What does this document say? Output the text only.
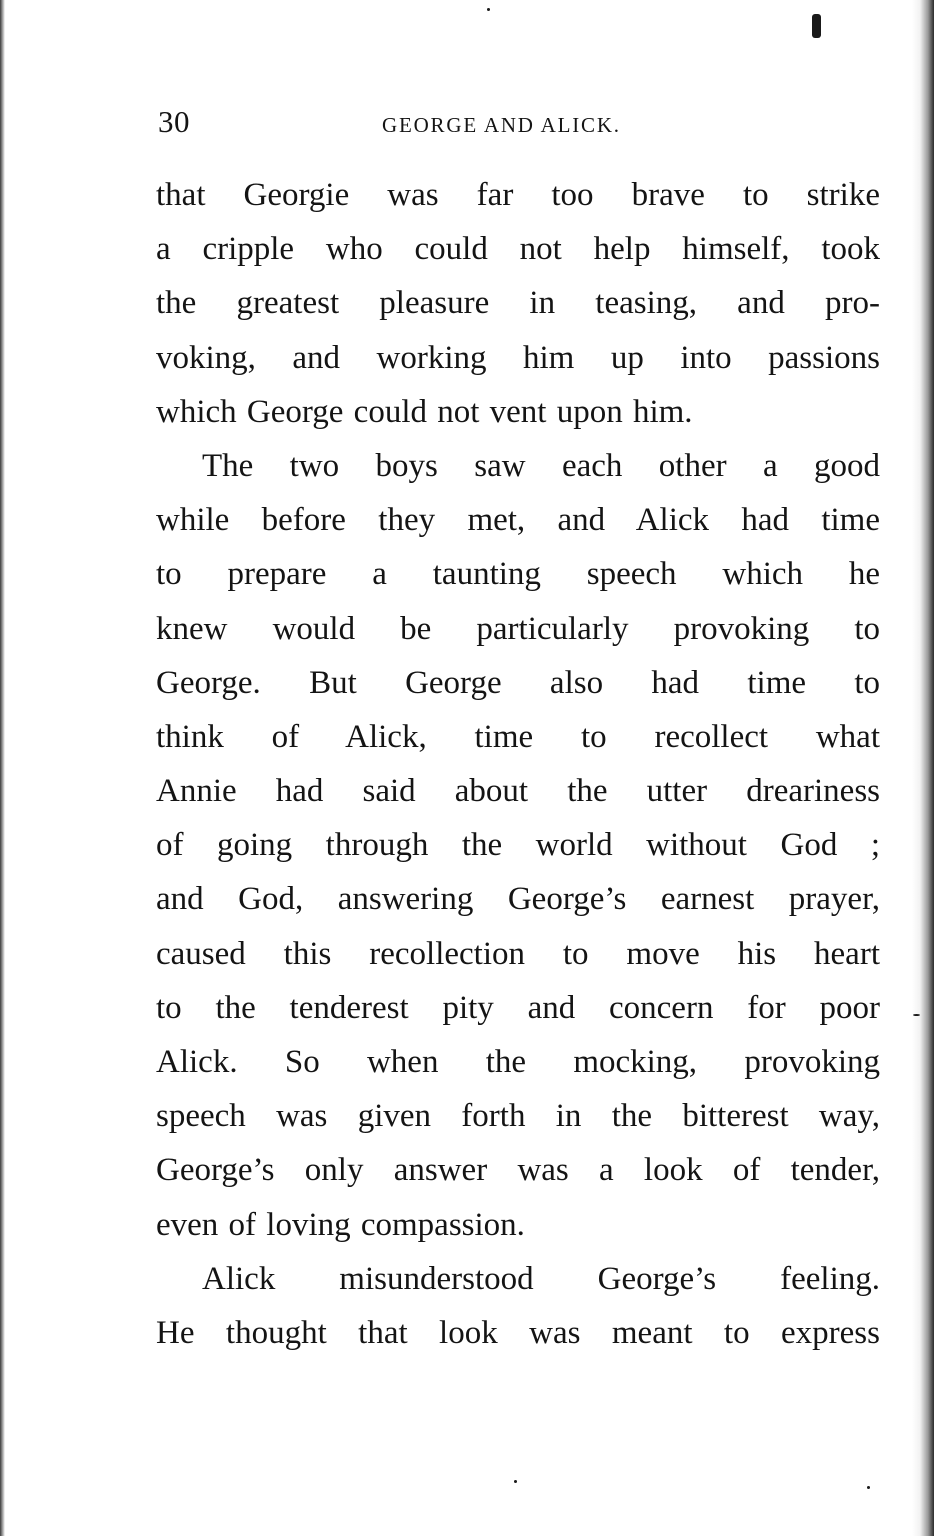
30	GEORGE AND ALICK.
that Georgie was far too brave to strike
a cripple who could not help himself, took
the greatest pleasure in teasing, and pro-
voking, and working him up into passions
which George could not vent upon him.
The two boys saw each other a good
while before they met, and Alick had time
to prepare a taunting speech which he
knew would be particularly provoking to
George. But George also had time to
think of Alick, time to recollect what
Annie had said about the utter dreariness
of going through the world without God ;
and God, answering George’s earnest prayer,
caused this recollection to move his heart
to the tenderest pity and concern for poor
Alick. So when the mocking, provoking
speech was given forth in the bitterest way,
George’s only answer was a look of tender,
even of loving compassion.
Alick misunderstood George’s feeling.
He thought that look was meant to express
